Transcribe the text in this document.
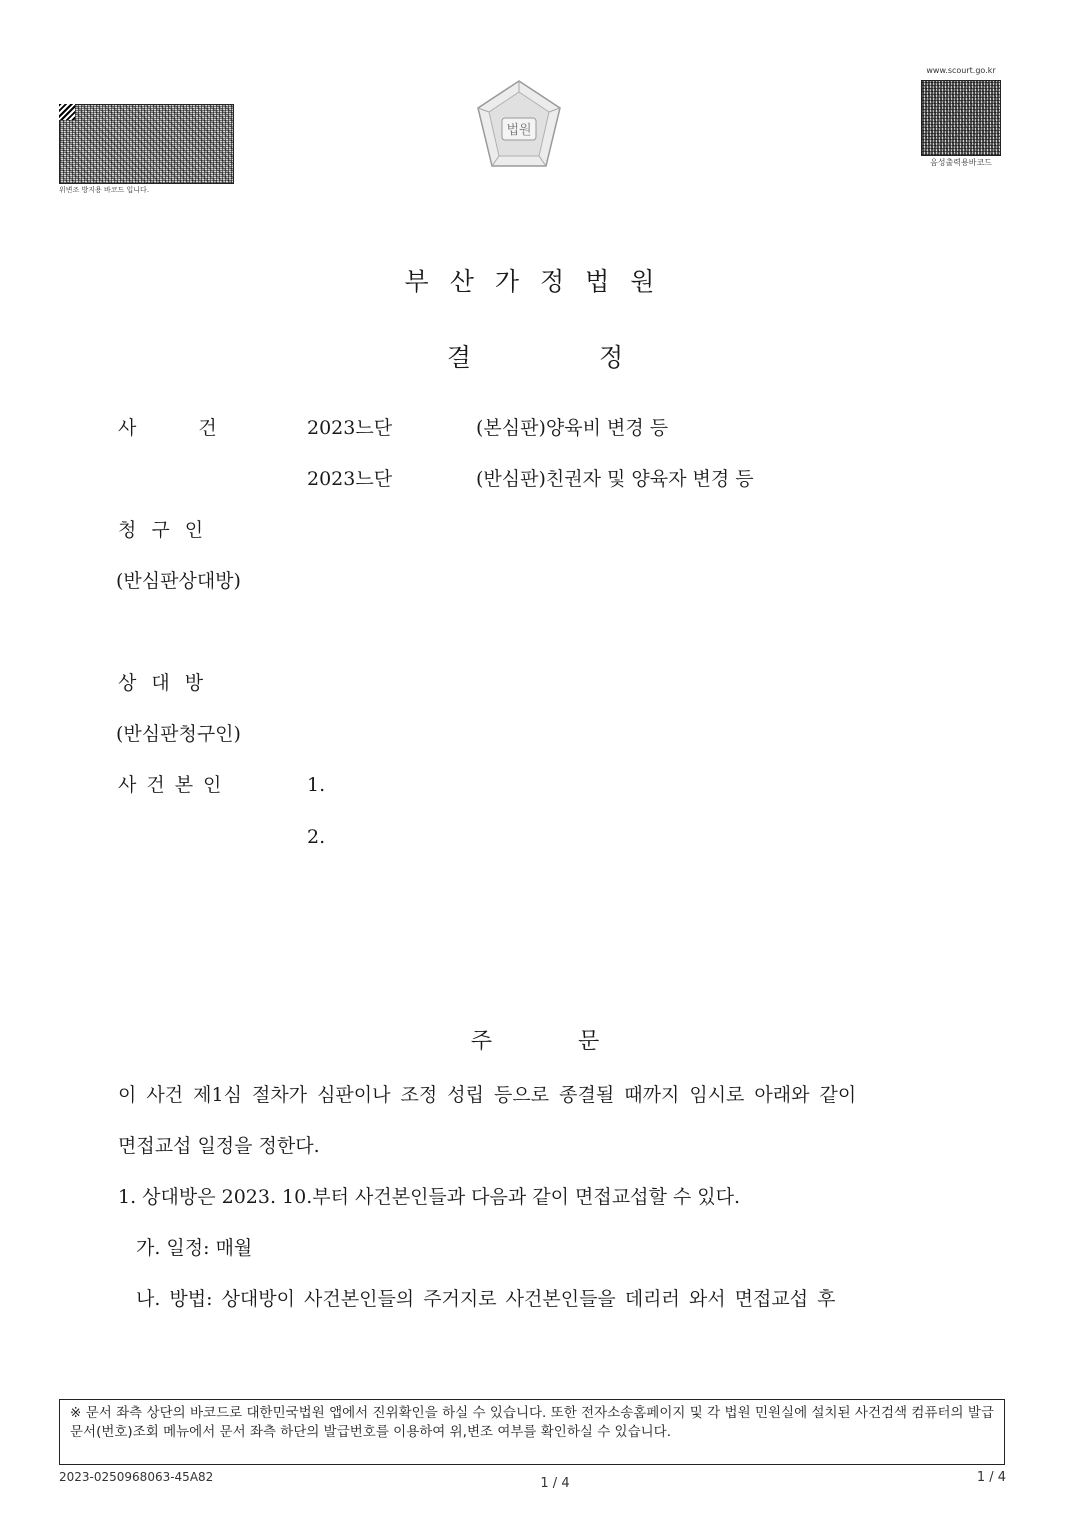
위변조 방지용 바코드 입니다.
법원
www.scourt.go.kr
음성출력용바코드
부산가정법원
결정
사건 2023느단	(본심판)양육비 변경 등
2023느단	(반심판)친권자 및 양육자 변경 등
청구인
(반심판상대방)
상대방
(반심판청구인)
사건본인	1.
2.
주문
이 사건 제1심 절차가 심판이나 조정 성립 등으로 종결될 때까지 임시로 아래와 같이
면접교섭 일정을 정한다.
1. 상대방은 2023. 10.부터 사건본인들과 다음과 같이 면접교섭할 수 있다.
가. 일정: 매월
나. 방법: 상대방이 사건본인들의 주거지로 사건본인들을 데리러 와서 면접교섭 후
※ 문서 좌측 상단의 바코드로 대한민국법원 앱에서 진위확인을 하실 수 있습니다. 또한 전자소송홈페이지 및 각 법원 민원실에 설치된 사건검색 컴퓨터의 발급문서(번호)조회 메뉴에서 문서 좌측 하단의 발급번호를 이용하여 위,변조 여부를 확인하실 수 있습니다.
2023-0250968063-45A82	1 / 4	1 / 4
